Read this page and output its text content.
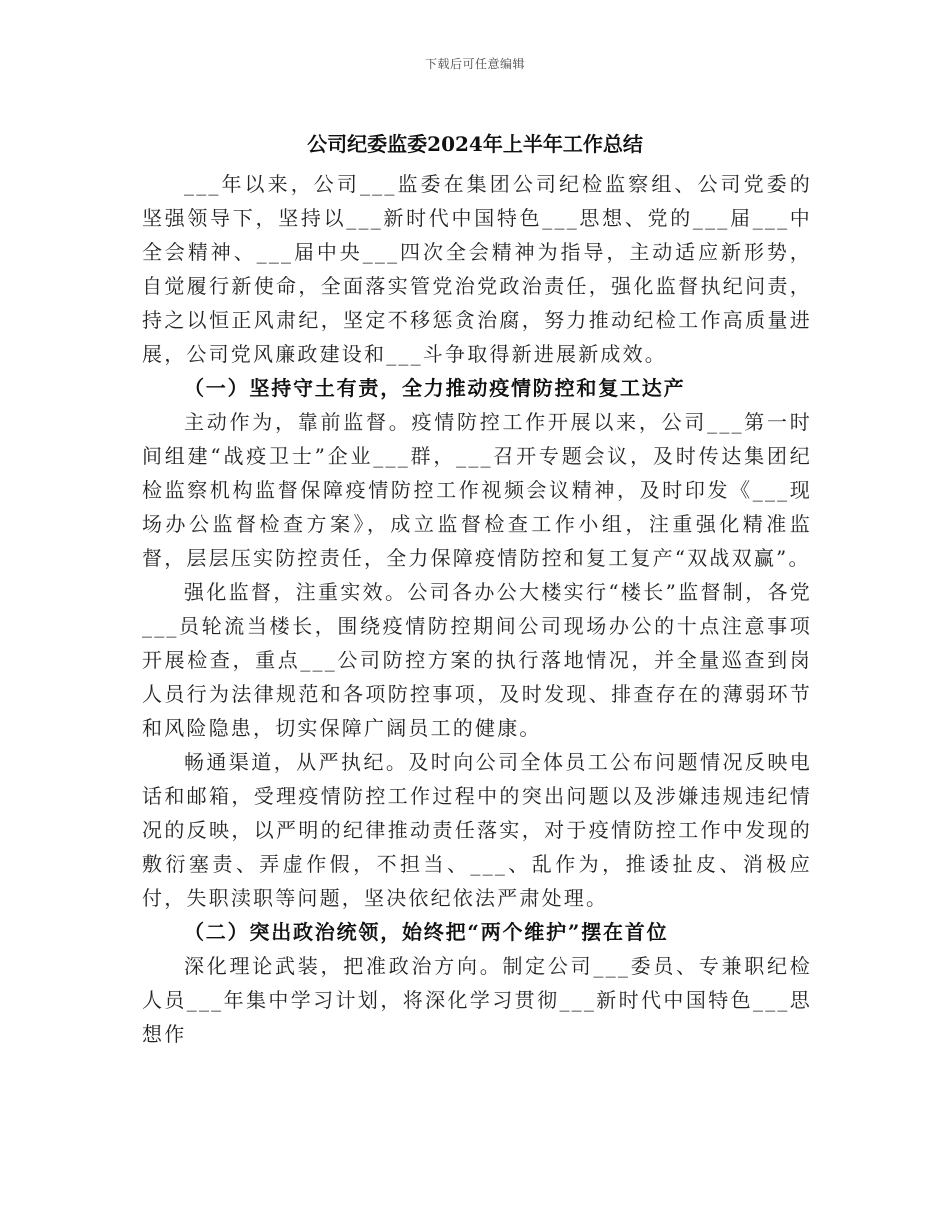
下载后可任意编辑
公司纪委监委2024年上半年工作总结

___年以来，公司___监委在集团公司纪检监察组、公司党委的坚强领导下，坚持以___新时代中国特色___思想、党的___届___中全会精神、___届中央___四次全会精神为指导，主动适应新形势，自觉履行新使命，全面落实管党治党政治责任，强化监督执纪问责，持之以恒正风肃纪，坚定不移惩贪治腐，努力推动纪检工作高质量进展，公司党风廉政建设和___斗争取得新进展新成效。

（一）坚持守土有责，全力推动疫情防控和复工达产

主动作为，靠前监督。疫情防控工作开展以来，公司___第一时间组建“战疫卫士”企业___群，___召开专题会议，及时传达集团纪检监察机构监督保障疫情防控工作视频会议精神，及时印发《___现场办公监督检查方案》，成立监督检查工作小组，注重强化精准监督，层层压实防控责任，全力保障疫情防控和复工复产“双战双赢”。

强化监督，注重实效。公司各办公大楼实行“楼长”监督制，各党___员轮流当楼长，围绕疫情防控期间公司现场办公的十点注意事项开展检查，重点___公司防控方案的执行落地情况，并全量巡查到岗人员行为法律规范和各项防控事项，及时发现、排查存在的薄弱环节和风险隐患，切实保障广阔员工的健康。

畅通渠道，从严执纪。及时向公司全体员工公布问题情况反映电话和邮箱，受理疫情防控工作过程中的突出问题以及涉嫌违规违纪情况的反映，以严明的纪律推动责任落实，对于疫情防控工作中发现的敷衍塞责、弄虚作假，不担当、___、乱作为，推诿扯皮、消极应付，失职渎职等问题，坚决依纪依法严肃处理。

（二）突出政治统领，始终把“两个维护”摆在首位

深化理论武装，把准政治方向。制定公司___委员、专兼职纪检人员___年集中学习计划，将深化学习贯彻___新时代中国特色___思想作
